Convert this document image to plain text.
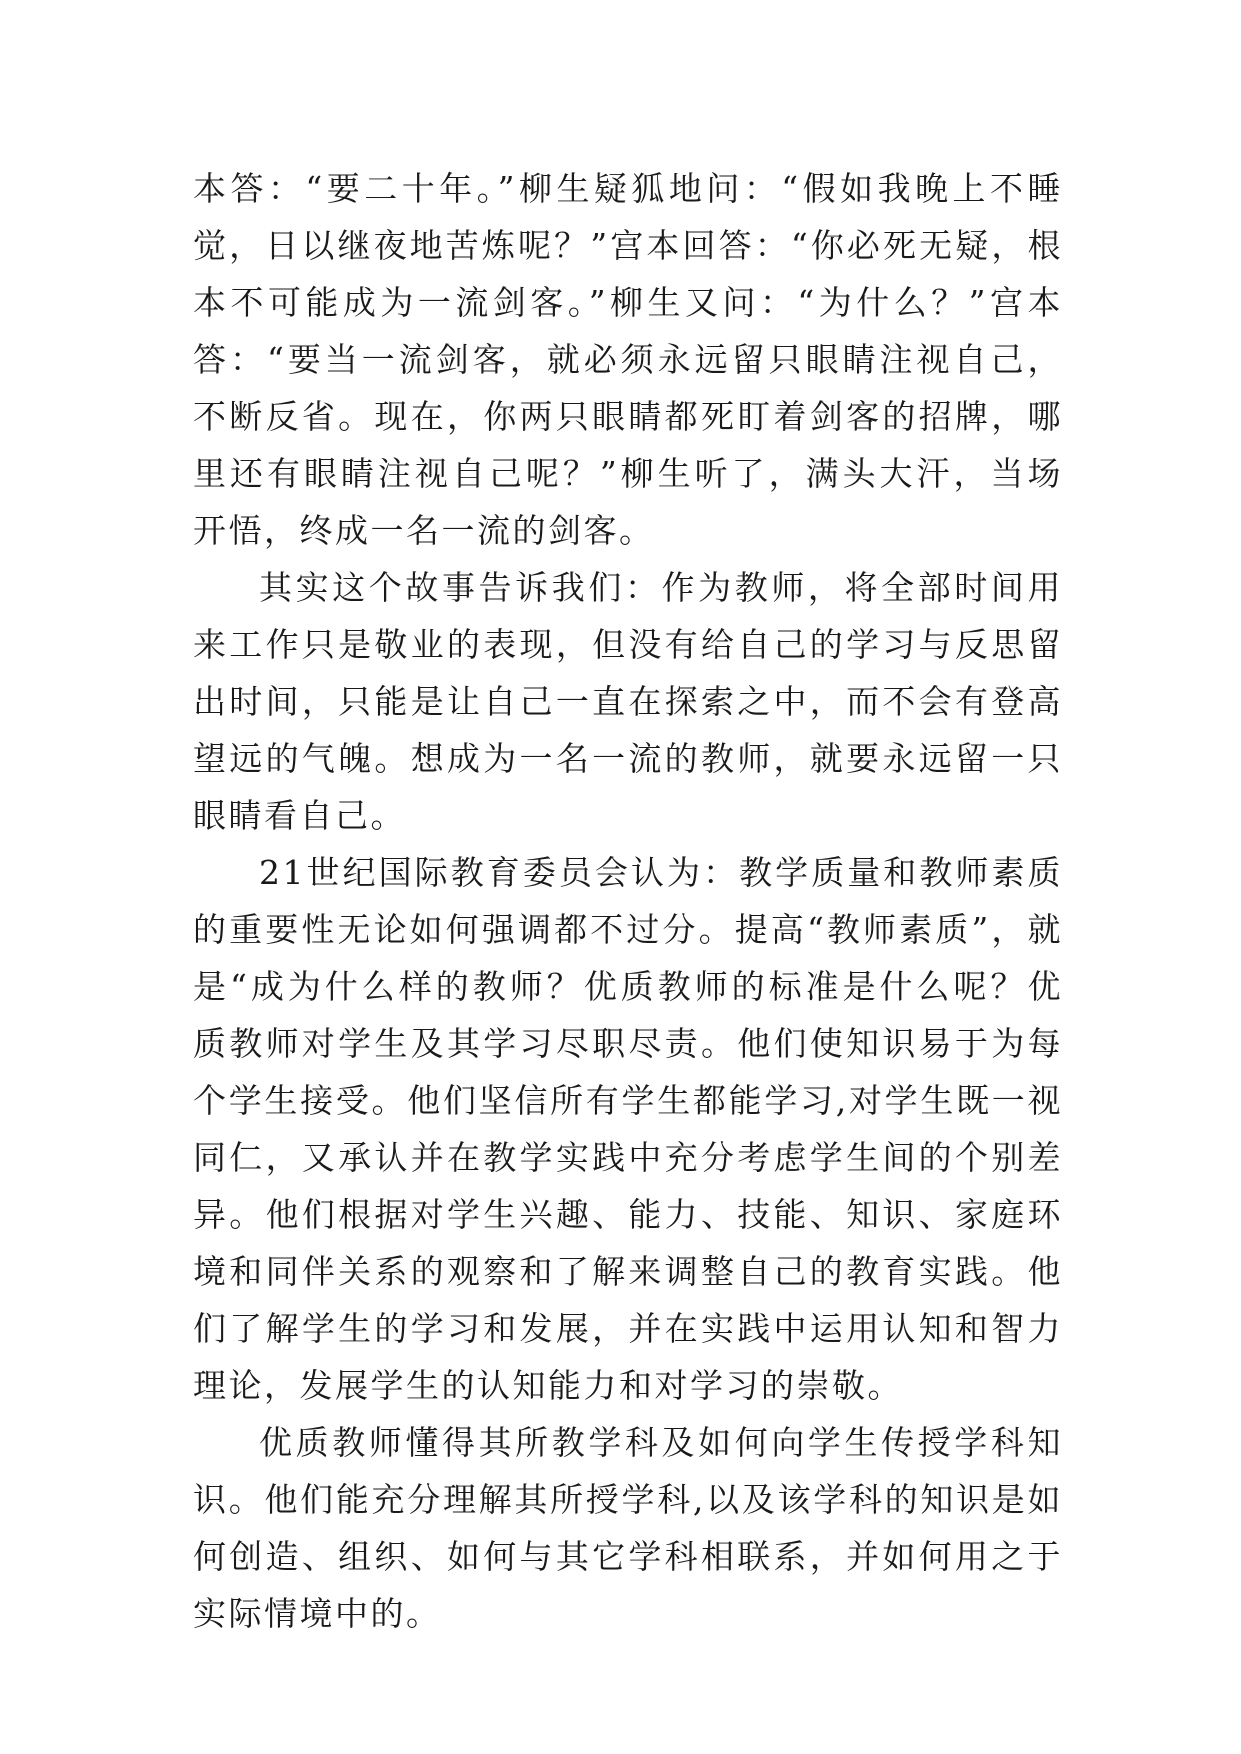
本答：“要二十年。”柳生疑狐地问：“假如我晚上不睡觉，日以继夜地苦炼呢？”宫本回答：“你必死无疑，根本不可能成为一流剑客。”柳生又问：“为什么？”宫本答：“要当一流剑客，就必须永远留只眼睛注视自己，不断反省。现在，你两只眼睛都死盯着剑客的招牌，哪里还有眼睛注视自己呢？”柳生听了，满头大汗，当场开悟，终成一名一流的剑客。

其实这个故事告诉我们：作为教师，将全部时间用来工作只是敬业的表现，但没有给自己的学习与反思留出时间，只能是让自己一直在探索之中，而不会有登高望远的气魄。想成为一名一流的教师，就要永远留一只眼睛看自己。

21世纪国际教育委员会认为：教学质量和教师素质的重要性无论如何强调都不过分。提高“教师素质”，就是“成为什么样的教师？优质教师的标准是什么呢？优质教师对学生及其学习尽职尽责。他们使知识易于为每个学生接受。他们坚信所有学生都能学习,对学生既一视同仁，又承认并在教学实践中充分考虑学生间的个别差异。他们根据对学生兴趣、能力、技能、知识、家庭环境和同伴关系的观察和了解来调整自己的教育实践。他们了解学生的学习和发展，并在实践中运用认知和智力理论，发展学生的认知能力和对学习的崇敬。

优质教师懂得其所教学科及如何向学生传授学科知识。他们能充分理解其所授学科,以及该学科的知识是如何创造、组织、如何与其它学科相联系，并如何用之于实际情境中的。
